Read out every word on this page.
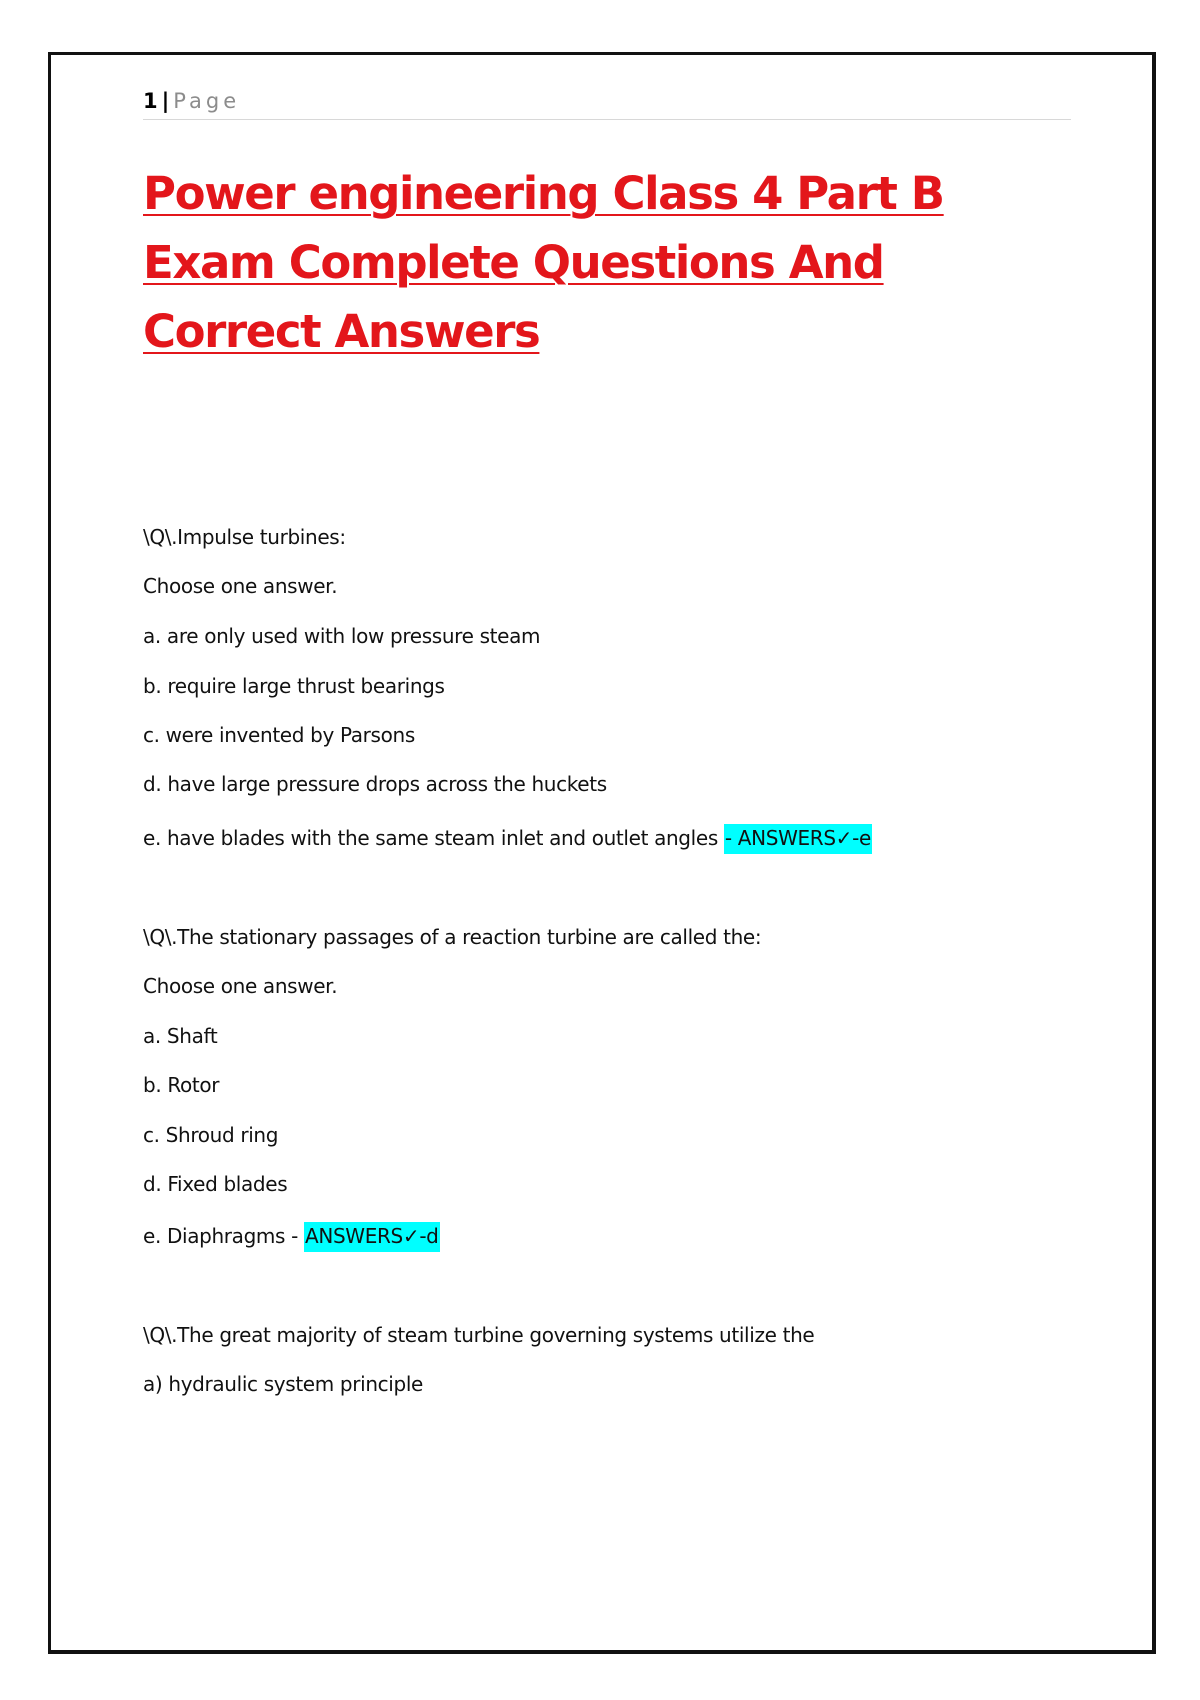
1 | Page
Power engineering Class 4 Part B Exam Complete Questions And Correct Answers
\Q\.Impulse turbines:
Choose one answer.
a. are only used with low pressure steam
b. require large thrust bearings
c. were invented by Parsons
d. have large pressure drops across the huckets
e. have blades with the same steam inlet and outlet angles - ANSWERS✓-e
\Q\.The stationary passages of a reaction turbine are called the:
Choose one answer.
a. Shaft
b. Rotor
c. Shroud ring
d. Fixed blades
e. Diaphragms - ANSWERS✓-d
\Q\.The great majority of steam turbine governing systems utilize the
a) hydraulic system principle
